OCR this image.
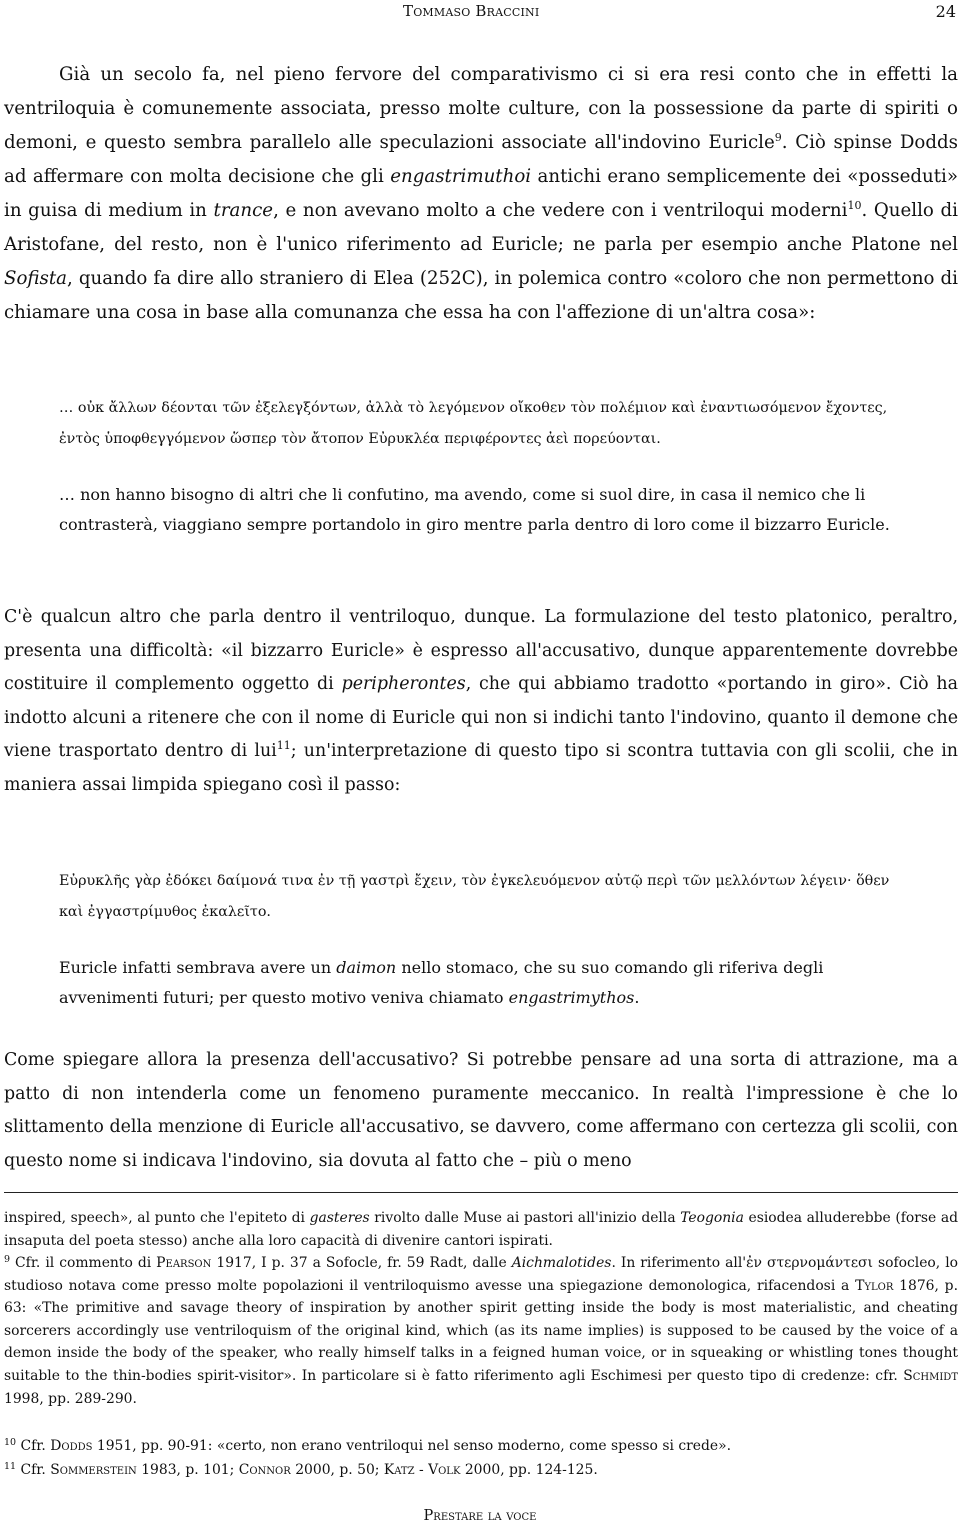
Tommaso Braccini	24

Già un secolo fa, nel pieno fervore del comparativismo ci si era resi conto che in effetti la ventriloquia è comunemente associata, presso molte culture, con la possessione da parte di spiriti o demoni, e questo sembra parallelo alle speculazioni associate all'indovino Euricle$^9$. Ciò spinse Dodds ad affermare con molta decisione che gli engastrimuthoi antichi erano semplicemente dei «posseduti» in guisa di medium in trance, e non avevano molto a che vedere con i ventriloqui moderni$^{10}$. Quello di Aristofane, del resto, non è l'unico riferimento ad Euricle; ne parla per esempio anche Platone nel Sofista, quando fa dire allo straniero di Elea (252C), in polemica contro «coloro che non permettono di chiamare una cosa in base alla comunanza che essa ha con l'affezione di un'altra cosa»:

… οὐκ ἄλλων δέονται τῶν ἐξελεγξόντων, ἀλλὰ τὸ λεγόμενον οἴκοθεν τὸν πολέμιον καὶ ἐναντιωσόμενον ἔχοντες, ἐντὸς ὑποφθεγγόμενον ὥσπερ τὸν ἄτοπον Εὐρυκλέα περιφέροντες ἀεὶ πορεύονται.

… non hanno bisogno di altri che li confutino, ma avendo, come si suol dire, in casa il nemico che li contrasterà, viaggiano sempre portandolo in giro mentre parla dentro di loro come il bizzarro Euricle.

C'è qualcun altro che parla dentro il ventriloquo, dunque. La formulazione del testo platonico, peraltro, presenta una difficoltà: «il bizzarro Euricle» è espresso all'accusativo, dunque apparentemente dovrebbe costituire il complemento oggetto di peripherontes, che qui abbiamo tradotto «portando in giro». Ciò ha indotto alcuni a ritenere che con il nome di Euricle qui non si indichi tanto l'indovino, quanto il demone che viene trasportato dentro di lui$^{11}$; un'interpretazione di questo tipo si scontra tuttavia con gli scolii, che in maniera assai limpida spiegano così il passo:

Εὐρυκλῆς γὰρ ἐδόκει δαίμονά τινα ἐν τῇ γαστρὶ ἔχειν, τὸν ἐγκελευόμενον αὐτῷ περὶ τῶν μελλόντων λέγειν· ὅθεν καὶ ἐγγαστρίμυθος ἐκαλεῖτο.

Euricle infatti sembrava avere un daimon nello stomaco, che su suo comando gli riferiva degli avvenimenti futuri; per questo motivo veniva chiamato engastrimythos.

Come spiegare allora la presenza dell'accusativo? Si potrebbe pensare ad una sorta di attrazione, ma a patto di non intenderla come un fenomeno puramente meccanico. In realtà l'impressione è che lo slittamento della menzione di Euricle all'accusativo, se davvero, come affermano con certezza gli scolii, con questo nome si indicava l'indovino, sia dovuta al fatto che – più o meno

inspired, speech», al punto che l'epiteto di gasteres rivolto dalle Muse ai pastori all'inizio della Teogonia esiodea alluderebbe (forse ad insaputa del poeta stesso) anche alla loro capacità di divenire cantori ispirati.

$^9$ Cfr. il commento di Pearson 1917, I p. 37 a Sofocle, fr. 59 Radt, dalle Aichmalotides. In riferimento all'ἐν στερνομάντεσι sofocleo, lo studioso notava come presso molte popolazioni il ventriloquismo avesse una spiegazione demonologica, rifacendosi a Tylor 1876, p. 63: «The primitive and savage theory of inspiration by another spirit getting inside the body is most materialistic, and cheating sorcerers accordingly use ventriloquism of the original kind, which (as its name implies) is supposed to be caused by the voice of a demon inside the body of the speaker, who really himself talks in a feigned human voice, or in squeaking or whistling tones thought suitable to the thin-bodies spirit-visitor». In particolare si è fatto riferimento agli Eschimesi per questo tipo di credenze: cfr. Schmidt 1998, pp. 289-290.

$^{10}$ Cfr. Dodds 1951, pp. 90-91: «certo, non erano ventriloqui nel senso moderno, come spesso si crede».

$^{11}$ Cfr. Sommerstein 1983, p. 101; Connor 2000, p. 50; Katz - Volk 2000, pp. 124-125.

Prestare la voce
